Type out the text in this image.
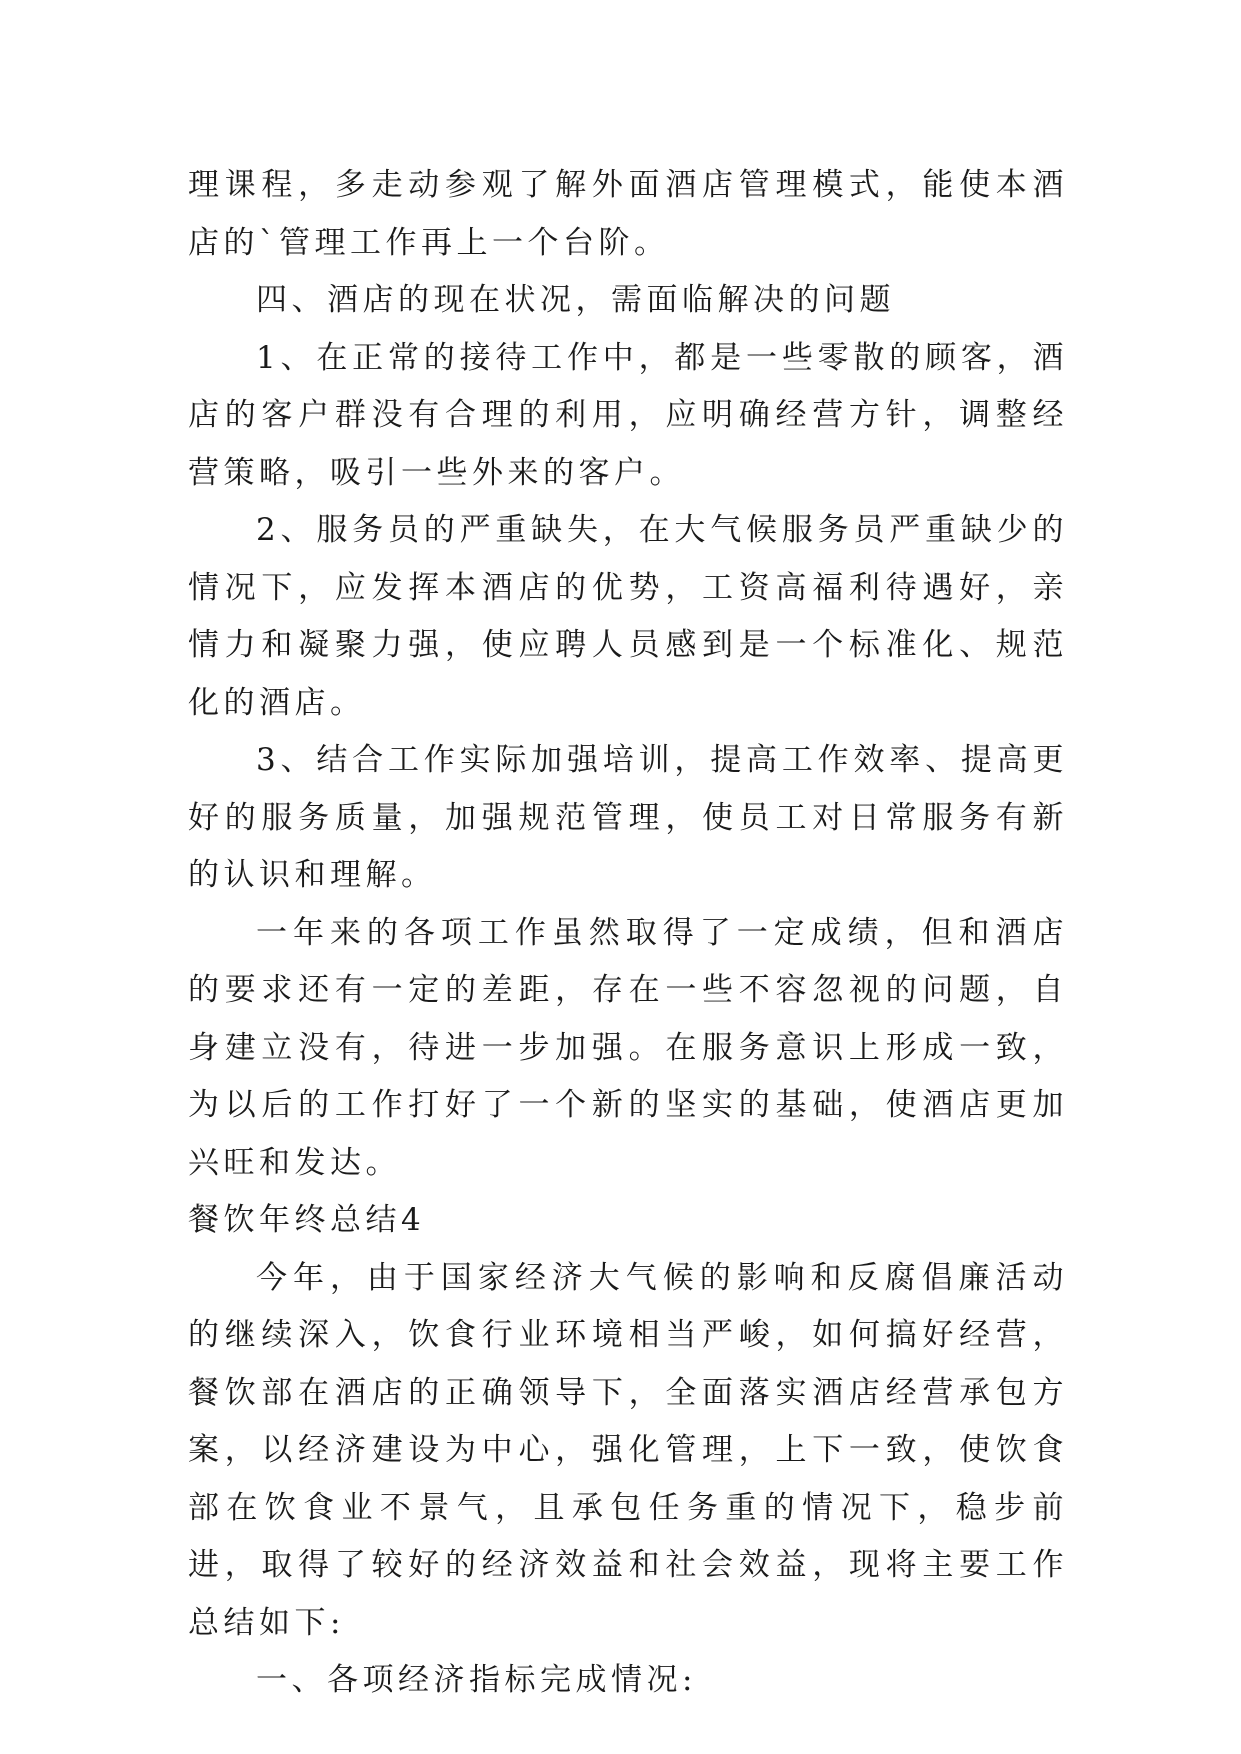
理课程，多走动参观了解外面酒店管理模式，能使本酒店的`管理工作再上一个台阶。

四、酒店的现在状况，需面临解决的问题

1、在正常的接待工作中，都是一些零散的顾客，酒店的客户群没有合理的利用，应明确经营方针，调整经营策略，吸引一些外来的客户。

2、服务员的严重缺失，在大气候服务员严重缺少的情况下，应发挥本酒店的优势，工资高福利待遇好，亲情力和凝聚力强，使应聘人员感到是一个标准化、规范化的酒店。

3、结合工作实际加强培训，提高工作效率、提高更好的服务质量，加强规范管理，使员工对日常服务有新的认识和理解。

一年来的各项工作虽然取得了一定成绩，但和酒店的要求还有一定的差距，存在一些不容忽视的问题，自身建立没有，待进一步加强。在服务意识上形成一致，为以后的工作打好了一个新的坚实的基础，使酒店更加兴旺和发达。

餐饮年终总结4

今年，由于国家经济大气候的影响和反腐倡廉活动的继续深入，饮食行业环境相当严峻，如何搞好经营，餐饮部在酒店的正确领导下，全面落实酒店经营承包方案，以经济建设为中心，强化管理，上下一致，使饮食部在饮食业不景气，且承包任务重的情况下，稳步前进，取得了较好的经济效益和社会效益，现将主要工作总结如下:

一、各项经济指标完成情况:
